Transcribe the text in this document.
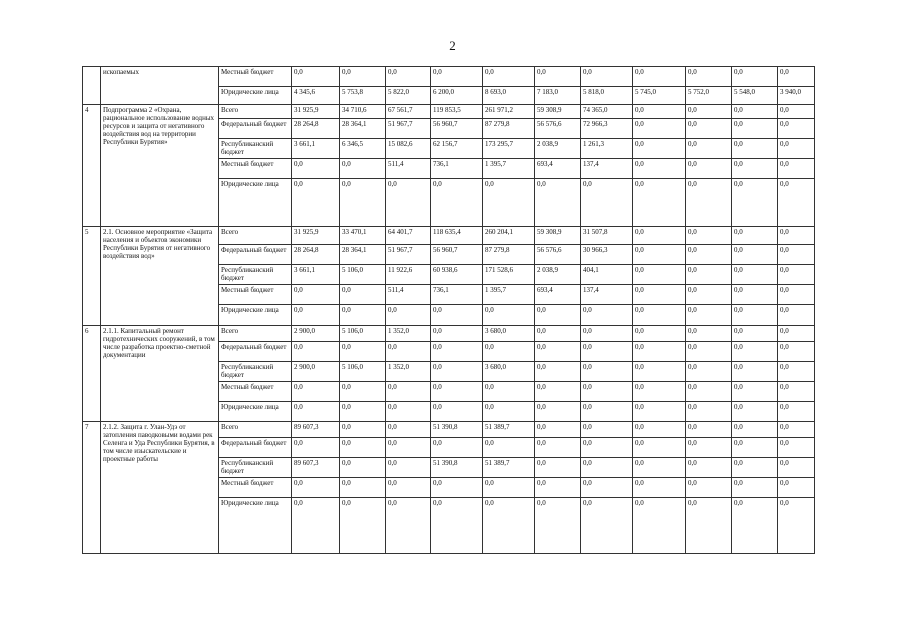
2
	ископаемых	Местный бюджет	0,0	0,0	0,0	0,0	0,0	0,0	0,0	0,0	0,0	0,0	0,0
		Юридические лица	4 345,6	5 753,8	5 822,0	6 200,0	8 693,0	7 183,0	5 818,0	5 745,0	5 752,0	5 548,0	3 940,0
4	Подпрограмма 2 «Охрана, рациональное использование водных ресурсов и защита от негативного воздействия вод на территории Республики Бурятия»	Всего	31 925,9	34 710,6	67 561,7	119 853,5	261 971,2	59 308,9	74 365,0	0,0	0,0	0,0	0,0
		Федеральный бюджет	28 264,8	28 364,1	51 967,7	56 960,7	87 279,8	56 576,6	72 966,3	0,0	0,0	0,0	0,0
		Республиканский бюджет	3 661,1	6 346,5	15 082,6	62 156,7	173 295,7	2 038,9	1 261,3	0,0	0,0	0,0	0,0
		Местный бюджет	0,0	0,0	511,4	736,1	1 395,7	693,4	137,4	0,0	0,0	0,0	0,0
		Юридические лица	0,0	0,0	0,0	0,0	0,0	0,0	0,0	0,0	0,0	0,0	0,0
5	2.1. Основное мероприятие «Защита населения и объектов экономики Республики Бурятия от негативного воздействия вод»	Всего	31 925,9	33 470,1	64 401,7	118 635,4	260 204,1	59 308,9	31 507,8	0,0	0,0	0,0	0,0
		Федеральный бюджет	28 264,8	28 364,1	51 967,7	56 960,7	87 279,8	56 576,6	30 966,3	0,0	0,0	0,0	0,0
		Республиканский бюджет	3 661,1	5 106,0	11 922,6	60 938,6	171 528,6	2 038,9	404,1	0,0	0,0	0,0	0,0
		Местный бюджет	0,0	0,0	511,4	736,1	1 395,7	693,4	137,4	0,0	0,0	0,0	0,0
		Юридические лица	0,0	0,0	0,0	0,0	0,0	0,0	0,0	0,0	0,0	0,0	0,0
6	2.1.1. Капитальный ремонт гидротехнических сооружений, в том числе разработка проектно-сметной документации	Всего	2 900,0	5 106,0	1 352,0	0,0	3 680,0	0,0	0,0	0,0	0,0	0,0	0,0
		Федеральный бюджет	0,0	0,0	0,0	0,0	0,0	0,0	0,0	0,0	0,0	0,0	0,0
		Республиканский бюджет	2 900,0	5 106,0	1 352,0	0,0	3 680,0	0,0	0,0	0,0	0,0	0,0	0,0
		Местный бюджет	0,0	0,0	0,0	0,0	0,0	0,0	0,0	0,0	0,0	0,0	0,0
		Юридические лица	0,0	0,0	0,0	0,0	0,0	0,0	0,0	0,0	0,0	0,0	0,0
7	2.1.2. Защита г. Улан-Удэ от затопления паводковыми водами рек Селенга и Уда Республики Бурятия, в том числе изыскательские и проектные работы	Всего	89 607,3	0,0	0,0	51 390,8	51 389,7	0,0	0,0	0,0	0,0	0,0	0,0
		Федеральный бюджет	0,0	0,0	0,0	0,0	0,0	0,0	0,0	0,0	0,0	0,0	0,0
		Республиканский бюджет	89 607,3	0,0	0,0	51 390,8	51 389,7	0,0	0,0	0,0	0,0	0,0	0,0
		Местный бюджет	0,0	0,0	0,0	0,0	0,0	0,0	0,0	0,0	0,0	0,0	0,0
		Юридические лица	0,0	0,0	0,0	0,0	0,0	0,0	0,0	0,0	0,0	0,0	0,0
